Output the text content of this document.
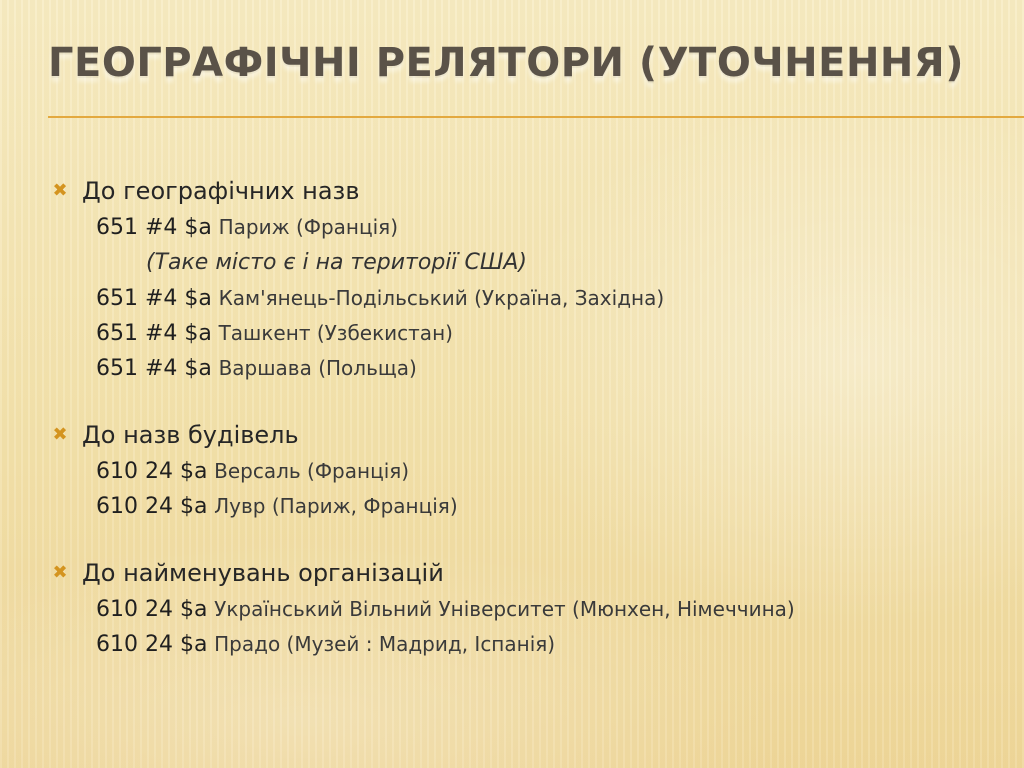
ГЕОГРАФІЧНІ РЕЛЯТОРИ (УТОЧНЕННЯ)
✖ До географічних назв
651 #4 $a Париж (Франція)
(Таке місто є і на території США)
651 #4 $a Кам'янець-Подільський (Україна, Західна)
651 #4 $a Ташкент (Узбекистан)
651 #4 $a Варшава (Польща)
✖ До назв будівель
610 24 $a Версаль (Франція)
610 24 $a Лувр (Париж, Франція)
✖ До найменувань організацій
610 24 $a Український Вільний Університет (Мюнхен, Німеччина)
610 24 $a Прадо (Музей : Мадрид, Іспанія)
